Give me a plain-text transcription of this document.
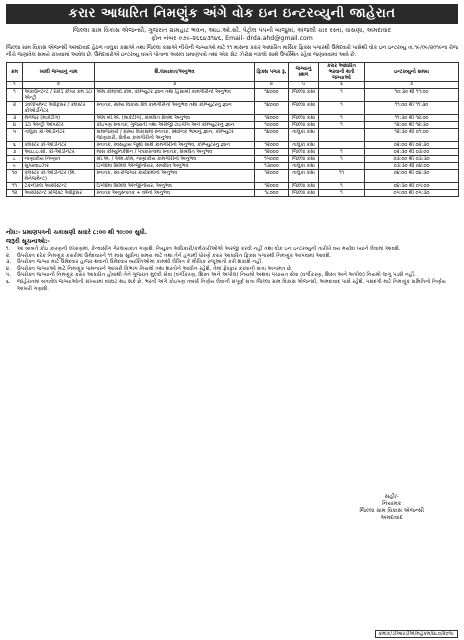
કરાર આધારિત નિમણુંક અંગે વોક ઇન ઇન્ટરવ્યુની જાહેરાત
જિલ્લા ગ્રામ વિકાસ એજન્સી, ગુજરાત ગ્રામહાટ ભવન, આઇ.ઓ.સી. પેટ્રોલ પંપની બાજુમાં, અંજલી ચાર રસ્તા, વાસણા, અમદાવાદ
ફોન નંબર ૦૭૯-૨૬૬૪૩૧૪૬, Email- drda.ahd@gmail.com
જિલ્લા ગ્રામ વિકાસ એજન્સી અમદાવાદ હેઠળ તાલુકા કક્ષાએ તથા જિલ્લા કક્ષાએ નીચેની જગ્યાઓ માટે ૧૧ માસના કરાર આધારિત માસિક ફિક્સ પગારથી ઉમેદવારો પાસેથી વોક ઇન ઇન્ટરવ્યુ તા.૧૯/૦૯/૨૦૧૯ના રોજ નીચે જણાવેલ સમયે રાખવામાં આવેલ છે. ઉમેદવારોએ ઇન્ટરવ્યુ વખતે પોતાના અસલ પ્રમાણપત્રો તથા એક સેટ ઝેરોક્ષ નકલો સાથે ઉપસ્થિત રહેવા જણાવવામાં આવે છે.
ક્રમ	ખાલી જગ્યાનું નામ	શૈ.લાયકાત/અનુભવ	ફિક્સ પગાર રૂ.	જગ્યાનું સ્થળ	કરાર આધારિત ભરવાની થતી જગ્યાઓ	ઇન્ટરવ્યુનો સમય
૧	૨	૩	૪	૫	૬	૭
૧	એકાઉન્ટન્ટ / રેકોર્ડ કીપર કમ ડેટા એન્ટ્રી	એમ.કોમ/બી.કોમ, કોમ્પ્યુટર જ્ઞાન તથા હિસાબી કામગીરીનો અનુભવ	૧૪૦૦૦	જિલ્લા કક્ષા	૧	૧૦:૩૦ થી ૧૧:૦૦
૨	ડેવલોપમેન્ટ ઓફિસર / ક્લસ્ટર કોઓર્ડીનેટર	સ્નાતક, ગ્રામ્ય વિકાસ ક્ષેત્રે કામગીરીનો અનુભવ તથા કોમ્પ્યુટરનું જ્ઞાન	૧૪૦૦૦	જિલ્લા કક્ષા	૧	૧૧:૦૦ થી ૧૧:૩૦
૩	મેનેજર (માર્કેટીંગ)	એમ.બી.એ. (માર્કેટીંગ), સંબંધિત ક્ષેત્રમાં અનુભવ	૧૨૦૦૦	જિલ્લા કક્ષા	૧	૧૧:૩૦ થી ૧૨:૦૦
૪	ડેટા એન્ટ્રી ઓપરેટર	કોઇપણ સ્નાતક, ગુજરાતી તથા અંગ્રેજી ટાઇપીંગ અને કોમ્પ્યુટરનું જ્ઞાન	૧૦૦૦૦	જિલ્લા કક્ષા	૧	૧૨:૦૦ થી ૧૨:૩૦
૫	તાલુકા કો-ઓર્ડીનેટર	સમાજકાર્ય / ગ્રામ્ય વિકાસમાં સ્નાતક, સ્થાનિક ભાષાનું જ્ઞાન, કોમ્પ્યુટર જાણકારી, ક્ષેત્રીય કામગીરીનો અનુભવ	૧૪૦૦૦	તાલુકા કક્ષા		૧૨:૩૦ થી ૦૧:૦૦
૬	ક્લસ્ટર કો-ઓર્ડીનેટર	સ્નાતક, સ્વસહાય જૂથો સાથે કામગીરીનો અનુભવ, કોમ્પ્યુટરનું જ્ઞાન	૧૨૦૦૦	તાલુકા કક્ષા		૦૨:૦૦ થી ૦૨:૩૦
૭	આઇ.ઇ.સી. કો-ઓર્ડીનેટર	માસ કોમ્યુનિકેશન / પત્રકારત્વમાં સ્નાતક, સંબંધિત અનુભવ	૧૨૦૦૦	જિલ્લા કક્ષા	૧	૦૨:૩૦ થી ૦૩:૦૦
૮	નાણાંકીય નિષ્ણાત	સી.એ. / એમ.કોમ, નાણાંકીય કામગીરીનો અનુભવ	૧૫૦૦૦	જિલ્લા કક્ષા	૧	૦૩:૦૦ થી ૦૩:૩૦
૯	સુપરવાઇઝર	ડિપ્લોમા સિવિલ એન્જીનીયર, સંબંધિત અનુભવ	૧૩૦૦૦	તાલુકા કક્ષા		૦૩:૩૦ થી ૦૪:૦૦
૧૦	ક્લસ્ટર કો-ઓર્ડીનેટર (મિ. મેનેજમેન્ટ)	સ્નાતક, સ્વ-રોજગાર કાર્યક્રમોનો અનુભવ	૧૨૦૦૦	તાલુકા કક્ષા	૧૧	૦૪:૦૦ થી ૦૪:૩૦
૧૧	ટેકનીકલ આસીસ્ટન્ટ	ડિપ્લોમા સિવિલ એન્જીનીયર, અનુભવ	૧૨૦૦૦	જિલ્લા કક્ષા	૧	૦૪:૩૦ થી ૦૫:૦૦
૧૨	આસીસ્ટન્ટ પ્રોજેક્ટ ઓફિસર	સ્નાતક અનુસ્નાતક + વર્ષનો અનુભવ	૧૮૦૦૦	જિલ્લા કક્ષા	૧	૦૫:૦૦ થી ૦૫:૩૦
સહી/-
નિયામક
જિલ્લા ગ્રામ વિકાસ એજન્સી
અમદાવાદ
નોંધ:- પ્રમાણપત્રની ચકાસણી સવારે ૮:૦૦ થી ૧૦:૦૦ સુધી.
જરૂરી સૂચનાઓ:-
૧.	આ બાબતે કોઇ કારણની લખાણમાં, કેન્વાસીંગ ગેરલાયકાત ગણાશે. નિયુક્ત અધિકારી/કર્મચારીઓએ અરજી કરવી નહીં તથા વોક ઇન ઇન્ટરવ્યુની તારીખે વય મર્યાદા ધ્યાને લેવામાં આવશે.
૨.	ઉપરોક્ત દરેક નિમણૂંક કરારીમાં ઉમેદવારને ૧૧ માસ સુધીના સમય માટે તથા તેને હંગામી ધોરણે કરાર આધારિત ફિક્સ પગારથી નિમણૂંક આપવામાં આવશે.
૩.	ઉપરોક્ત જગ્યા માટે ઉમેદવાર હાજર થવાની ઉમેદવાર વ્યક્તિઓમાં કામથી લેખિત કે મૌખિક રજૂઆતો કરી શકાશે નહીં.
૪.	ઉપરોક્ત જગ્યાઓ માટે નિમણૂંક પામનારને આખરી વિભાગ નિયમો તથા શરતોને આધીન રહેશે, તેમાં ફેરફાર કરવાની સત્તા અનામત છે.
૫.	ઉપરોક્ત જગ્યાની નિમણૂંક કરાર આધારિત હોવાથી તેને ગુજરાત મુલ્કી સેવા (વર્ગીકરણ, શિસ્ત અને અપીલ) નિયમો અથવા પંચાયત સેવા (વર્ગીકરણ, શિસ્ત અને અપીલ) નિયમો લાગુ પડશે નહીં.
૬.	જાહેરાતમાં બતાવેલ જગ્યાઓની સંખ્યામાં વધઘટ થઇ શકે છે. ભરતી અંગે કોઇપણ તબક્કે નિર્ણય લેવાની સંપૂર્ણ સત્તા જિલ્લા ગ્રામ વિકાસ એજન્સી, અમદાવાદ પાસે રહેશે. પસંદગી માટે નિમણૂંક સમિતિનો નિર્ણય આખરી ગણાશે.
ક્રમાંક/ડીઆરડીએ/મહેકમ/૪૮૦/૨૦૧૯
